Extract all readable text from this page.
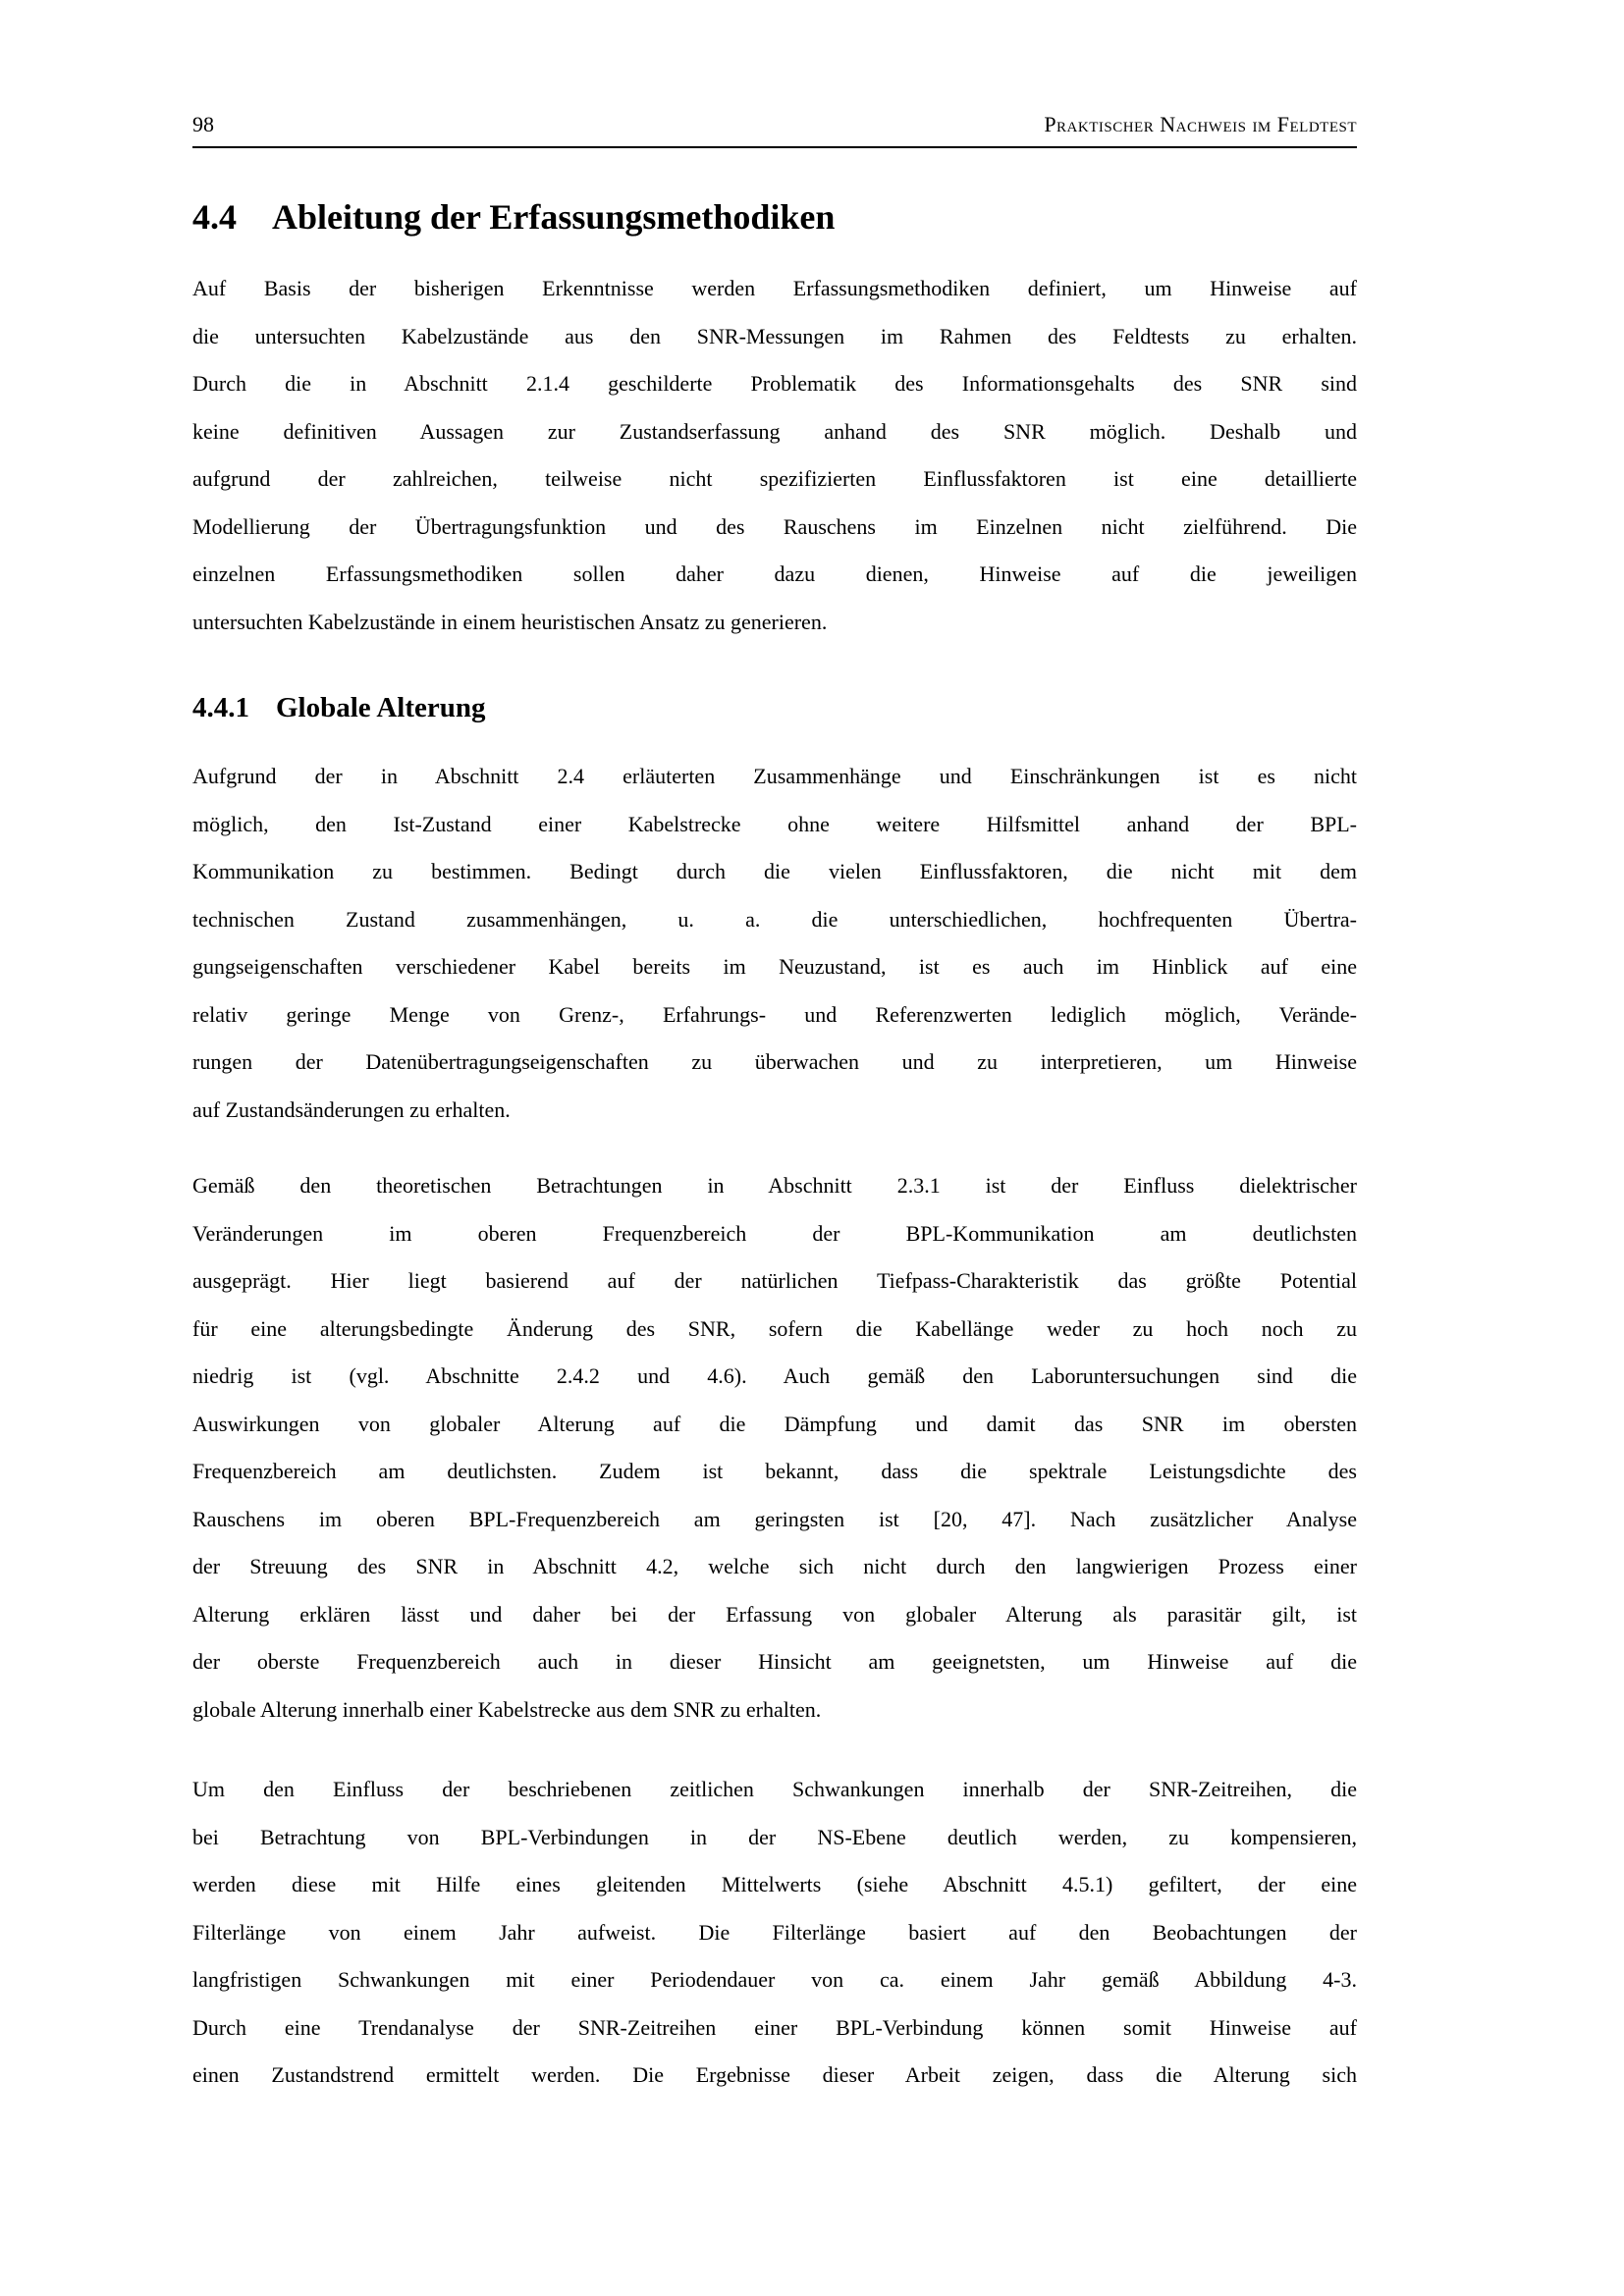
98	Praktischer Nachweis im Feldtest
4.4 Ableitung der Erfassungsmethodiken
Auf Basis der bisherigen Erkenntnisse werden Erfassungsmethodiken definiert, um Hinweise auf
die untersuchten Kabelzustände aus den SNR-Messungen im Rahmen des Feldtests zu erhalten.
Durch die in Abschnitt 2.1.4 geschilderte Problematik des Informationsgehalts des SNR sind
keine definitiven Aussagen zur Zustandserfassung anhand des SNR möglich. Deshalb und
aufgrund der zahlreichen, teilweise nicht spezifizierten Einflussfaktoren ist eine detaillierte
Modellierung der Übertragungsfunktion und des Rauschens im Einzelnen nicht zielführend. Die
einzelnen Erfassungsmethodiken sollen daher dazu dienen, Hinweise auf die jeweiligen
untersuchten Kabelzustände in einem heuristischen Ansatz zu generieren.
4.4.1 Globale Alterung
Aufgrund der in Abschnitt 2.4 erläuterten Zusammenhänge und Einschränkungen ist es nicht
möglich, den Ist-Zustand einer Kabelstrecke ohne weitere Hilfsmittel anhand der BPL-
Kommunikation zu bestimmen. Bedingt durch die vielen Einflussfaktoren, die nicht mit dem
technischen Zustand zusammenhängen, u. a. die unterschiedlichen, hochfrequenten Übertra-
gungseigenschaften verschiedener Kabel bereits im Neuzustand, ist es auch im Hinblick auf eine
relativ geringe Menge von Grenz-, Erfahrungs- und Referenzwerten lediglich möglich, Verände-
rungen der Datenübertragungseigenschaften zu überwachen und zu interpretieren, um Hinweise
auf Zustandsänderungen zu erhalten.
Gemäß den theoretischen Betrachtungen in Abschnitt 2.3.1 ist der Einfluss dielektrischer
Veränderungen im oberen Frequenzbereich der BPL-Kommunikation am deutlichsten
ausgeprägt. Hier liegt basierend auf der natürlichen Tiefpass-Charakteristik das größte Potential
für eine alterungsbedingte Änderung des SNR, sofern die Kabellänge weder zu hoch noch zu
niedrig ist (vgl. Abschnitte 2.4.2 und 4.6). Auch gemäß den Laboruntersuchungen sind die
Auswirkungen von globaler Alterung auf die Dämpfung und damit das SNR im obersten
Frequenzbereich am deutlichsten. Zudem ist bekannt, dass die spektrale Leistungsdichte des
Rauschens im oberen BPL-Frequenzbereich am geringsten ist [20, 47]. Nach zusätzlicher Analyse
der Streuung des SNR in Abschnitt 4.2, welche sich nicht durch den langwierigen Prozess einer
Alterung erklären lässt und daher bei der Erfassung von globaler Alterung als parasitär gilt, ist
der oberste Frequenzbereich auch in dieser Hinsicht am geeignetsten, um Hinweise auf die
globale Alterung innerhalb einer Kabelstrecke aus dem SNR zu erhalten.
Um den Einfluss der beschriebenen zeitlichen Schwankungen innerhalb der SNR-Zeitreihen, die
bei Betrachtung von BPL-Verbindungen in der NS-Ebene deutlich werden, zu kompensieren,
werden diese mit Hilfe eines gleitenden Mittelwerts (siehe Abschnitt 4.5.1) gefiltert, der eine
Filterlänge von einem Jahr aufweist. Die Filterlänge basiert auf den Beobachtungen der
langfristigen Schwankungen mit einer Periodendauer von ca. einem Jahr gemäß Abbildung 4-3.
Durch eine Trendanalyse der SNR-Zeitreihen einer BPL-Verbindung können somit Hinweise auf
einen Zustandstrend ermittelt werden. Die Ergebnisse dieser Arbeit zeigen, dass die Alterung sich
